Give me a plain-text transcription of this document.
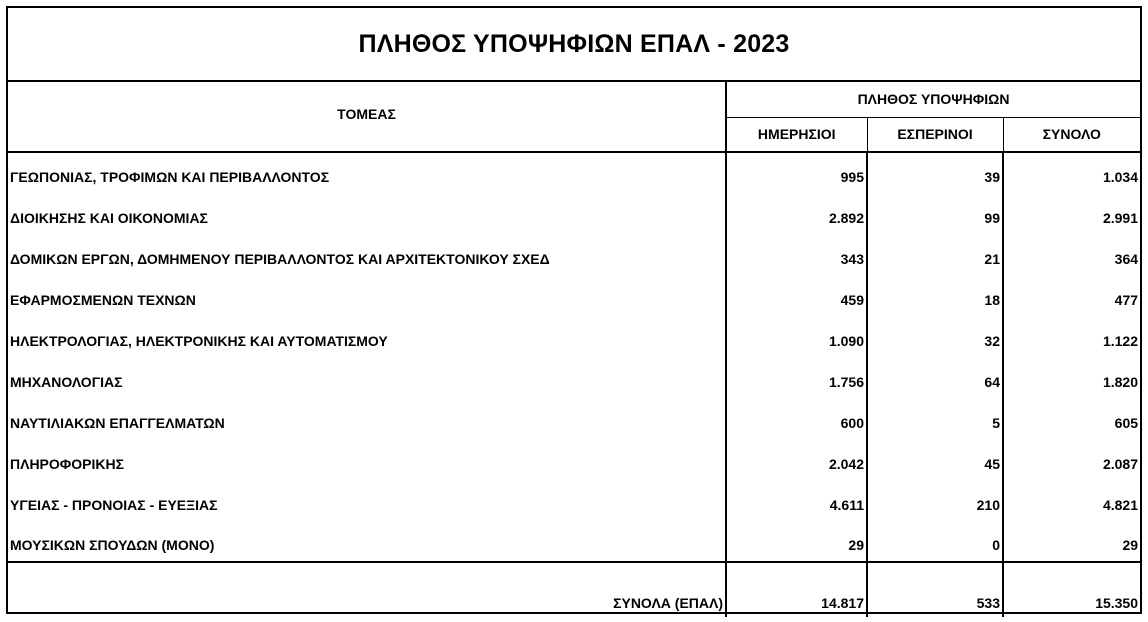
ΠΛΗΘΟΣ ΥΠΟΨΗΦΙΩΝ ΕΠΑΛ - 2023
ΤΟΜΕΑΣ	ΠΛΗΘΟΣ ΥΠΟΨΗΦΙΩΝ		
	ΗΜΕΡΗΣΙΟΙ	ΕΣΠΕΡΙΝΟΙ	ΣΥΝΟΛΟ
ΓΕΩΠΟΝΙΑΣ, ΤΡΟΦΙΜΩΝ ΚΑΙ ΠΕΡΙΒΑΛΛΟΝΤΟΣ	995	39	1.034
ΔΙΟΙΚΗΣΗΣ ΚΑΙ ΟΙΚΟΝΟΜΙΑΣ	2.892	99	2.991
ΔΟΜΙΚΩΝ ΕΡΓΩΝ, ΔΟΜΗΜΕΝΟΥ ΠΕΡΙΒΑΛΛΟΝΤΟΣ ΚΑΙ ΑΡΧΙΤΕΚΤΟΝΙΚΟΥ ΣΧΕΔ	343	21	364
ΕΦΑΡΜΟΣΜΕΝΩΝ ΤΕΧΝΩΝ	459	18	477
ΗΛΕΚΤΡΟΛΟΓΙΑΣ, ΗΛΕΚΤΡΟΝΙΚΗΣ ΚΑΙ ΑΥΤΟΜΑΤΙΣΜΟΥ	1.090	32	1.122
ΜΗΧΑΝΟΛΟΓΙΑΣ	1.756	64	1.820
ΝΑΥΤΙΛΙΑΚΩΝ ΕΠΑΓΓΕΛΜΑΤΩΝ	600	5	605
ΠΛΗΡΟΦΟΡΙΚΗΣ	2.042	45	2.087
ΥΓΕΙΑΣ - ΠΡΟΝΟΙΑΣ - ΕΥΕΞΙΑΣ	4.611	210	4.821
ΜΟΥΣΙΚΩΝ ΣΠΟΥΔΩΝ (ΜΟΝΟ)	29	0	29
ΣΥΝΟΛΑ (ΕΠΑΛ)	14.817	533	15.350
